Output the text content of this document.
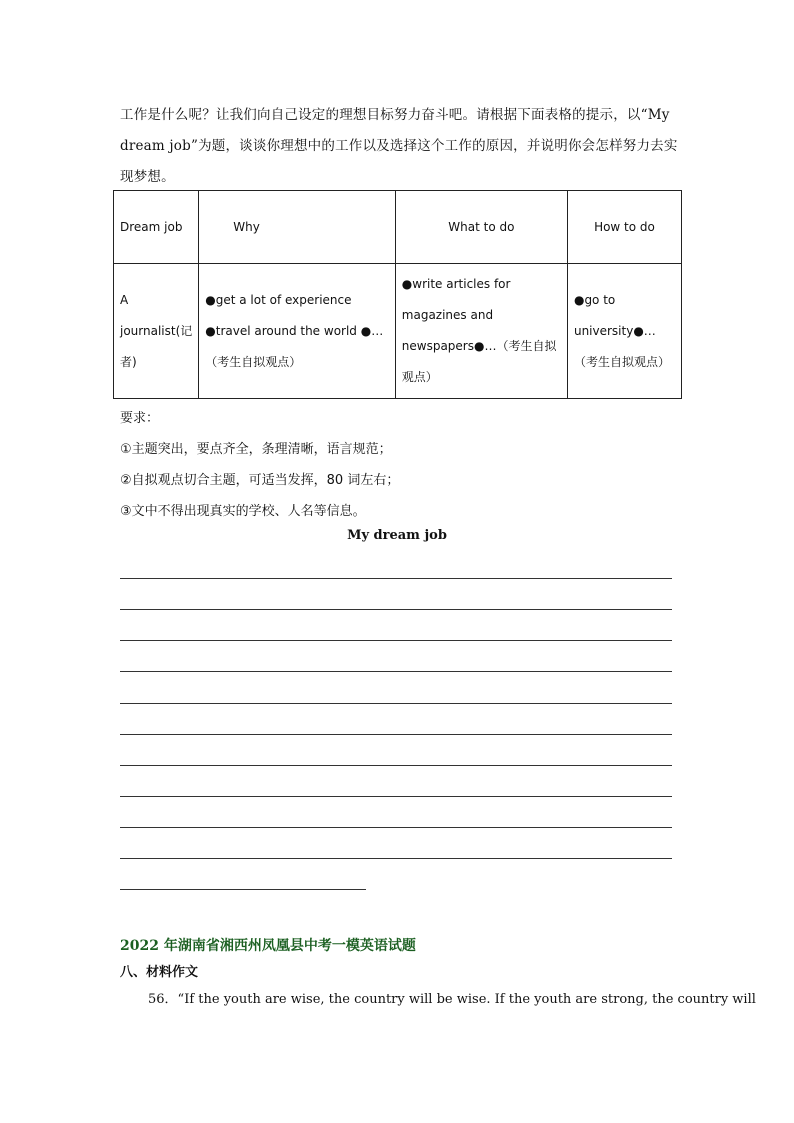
工作是什么呢？让我们向自己设定的理想目标努力奋斗吧。请根据下面表格的提示，以“My

dream job”为题，谈谈你理想中的工作以及选择这个工作的原因，并说明你会怎样努力去实

现梦想。

Dream job	Why	What to do	How to do
A journalist(记者)	●get a lot of experience ●travel around the world ●…（考生自拟观点）	●write articles for magazines and newspapers●…（考生自拟观点）	●go to university●…（考生自拟观点）
要求：
①主题突出，要点齐全，条理清晰，语言规范；
②自拟观点切合主题，可适当发挥，80 词左右；
③文中不得出现真实的学校、人名等信息。
My dream job
2022 年湖南省湘西州凤凰县中考一模英语试题
八、材料作文
56．“If the youth are wise, the country will be wise. If the youth are strong, the country will
